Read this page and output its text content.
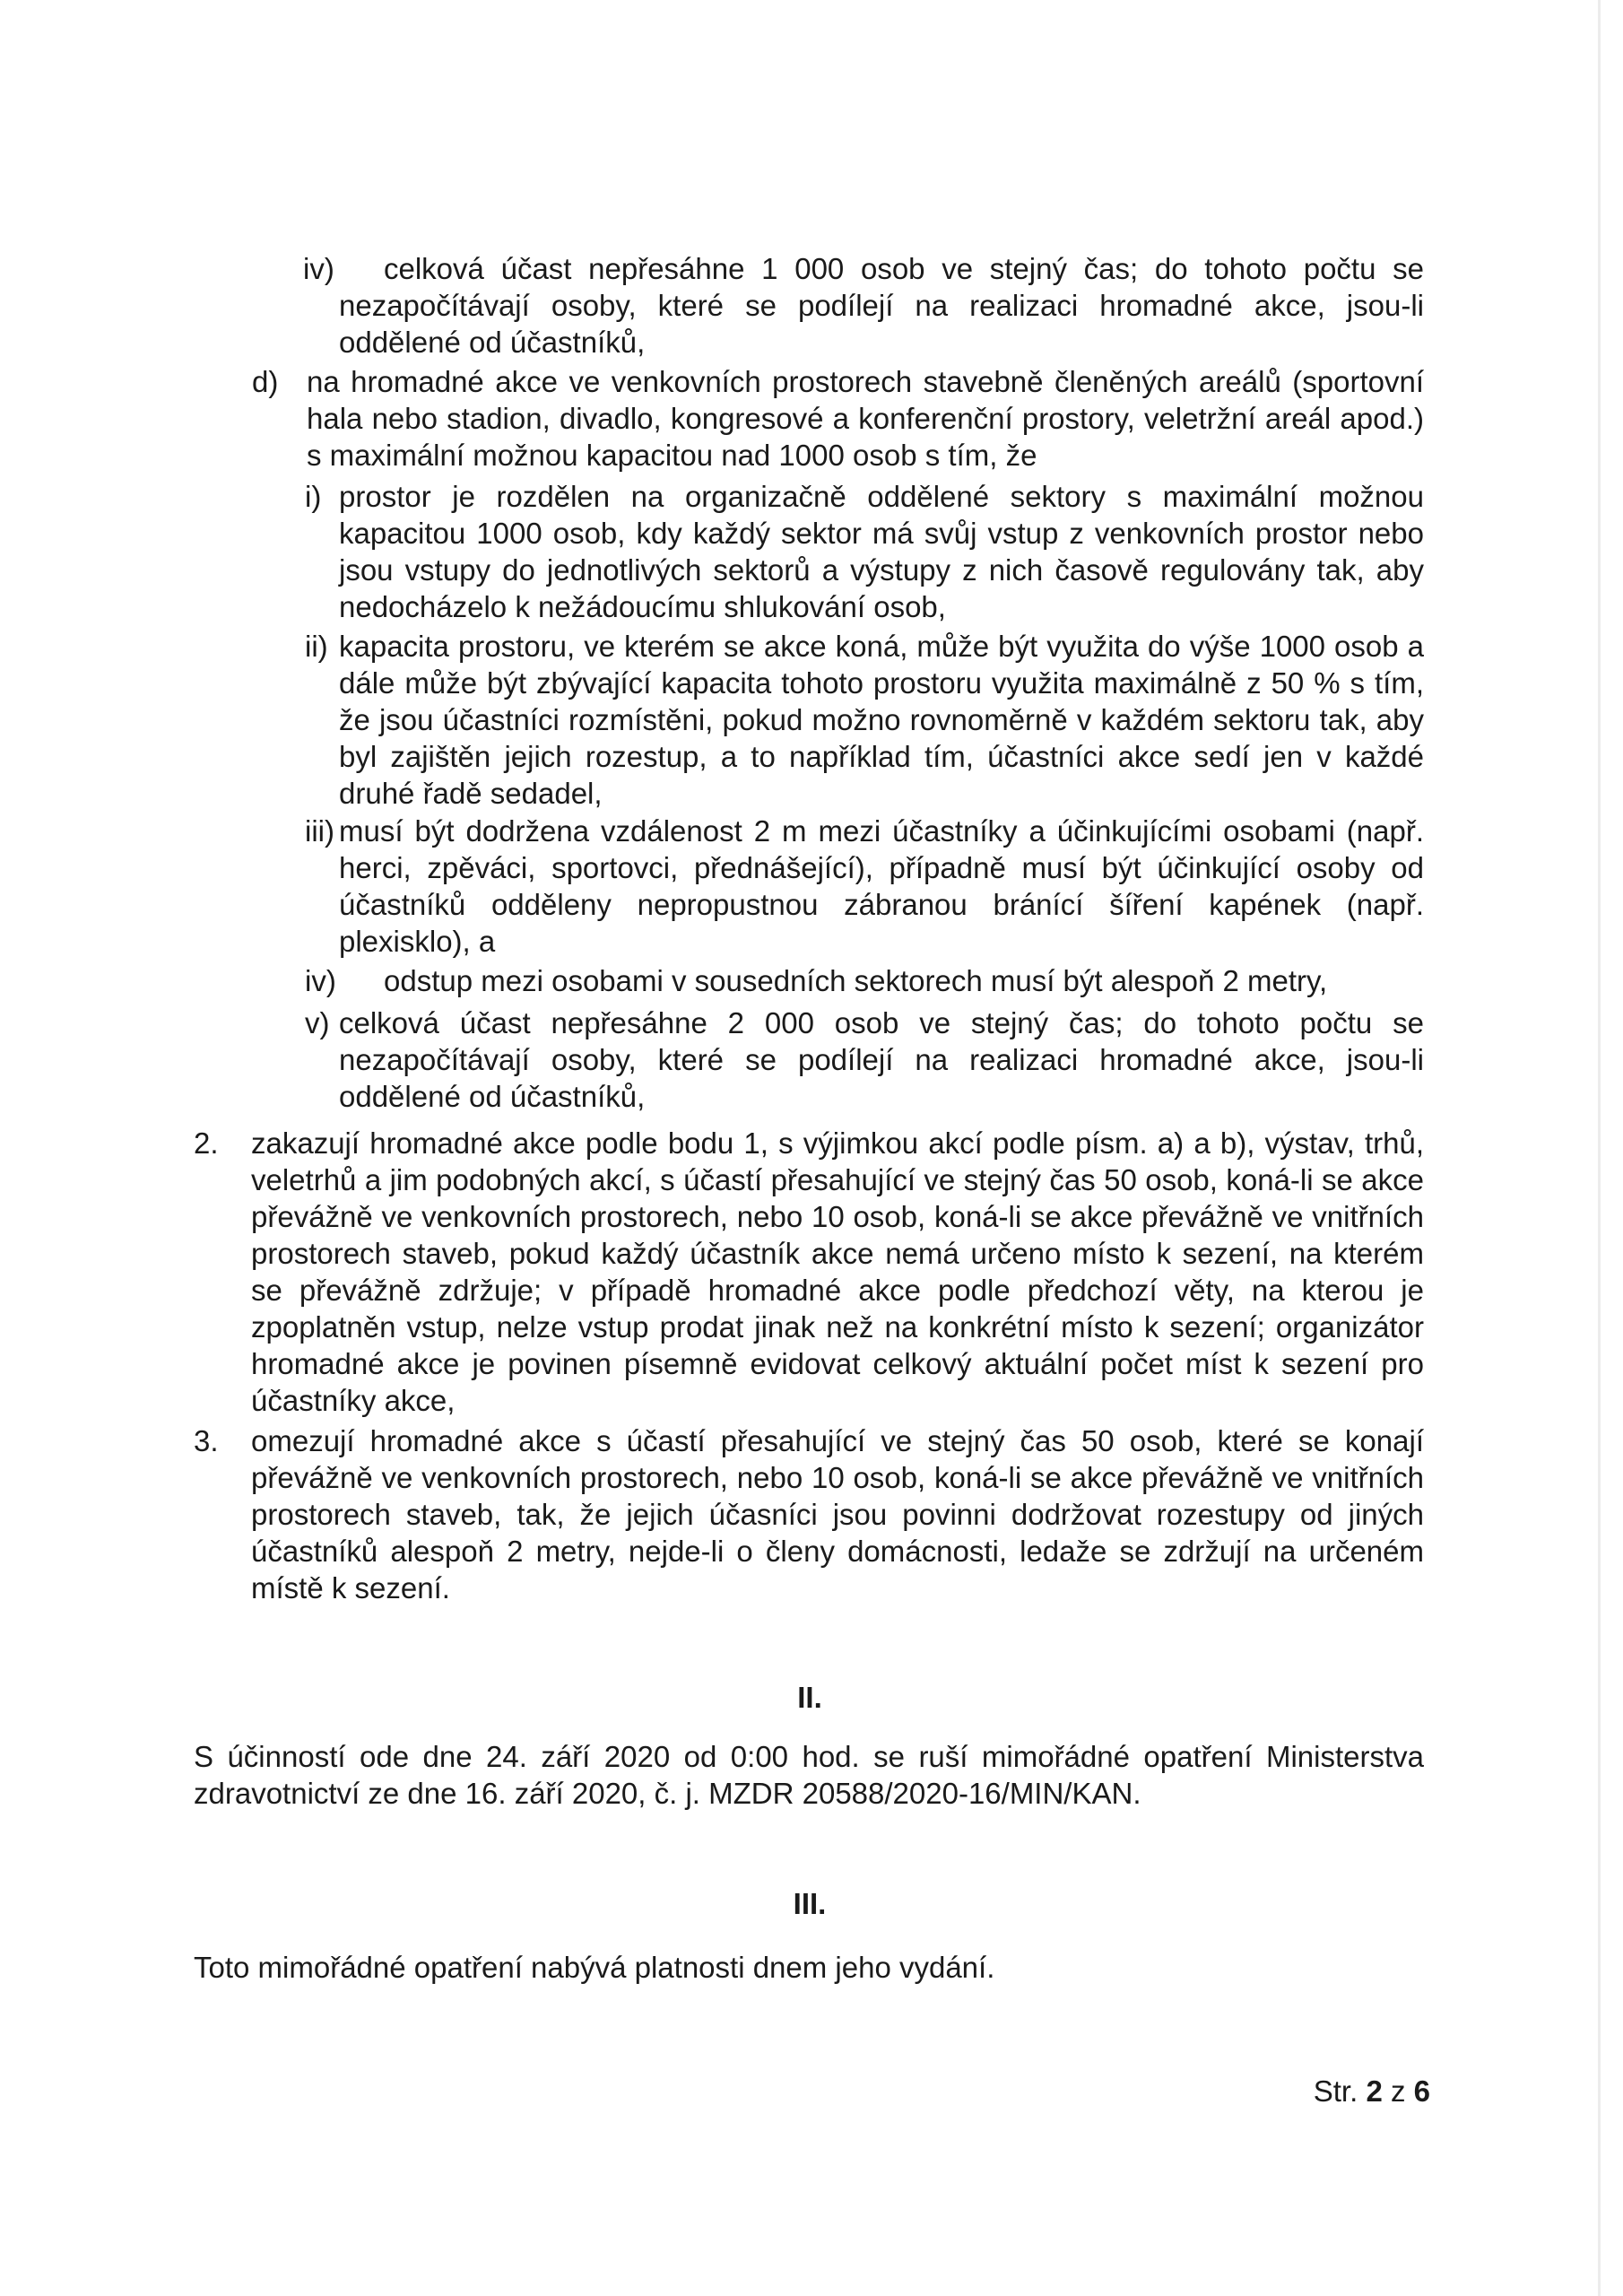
iv)	celková účast nepřesáhne 1 000 osob ve stejný čas; do tohoto počtu se nezapočítávají osoby, které se podílejí na realizaci hromadné akce, jsou-li oddělené od účastníků,
d) na hromadné akce ve venkovních prostorech stavebně členěných areálů (sportovní hala nebo stadion, divadlo, kongresové a konferenční prostory, veletržní areál apod.) s maximální možnou kapacitou nad 1000 osob s tím, že
i) prostor je rozdělen na organizačně oddělené sektory s maximální možnou kapacitou 1000 osob, kdy každý sektor má svůj vstup z venkovních prostor nebo jsou vstupy do jednotlivých sektorů a výstupy z nich časově regulovány tak, aby nedocházelo k nežádoucímu shlukování osob,
ii) kapacita prostoru, ve kterém se akce koná, může být využita do výše 1000 osob a dále může být zbývající kapacita tohoto prostoru využita maximálně z 50 % s tím, že jsou účastníci rozmístěni, pokud možno rovnoměrně v každém sektoru tak, aby byl zajištěn jejich rozestup, a to například tím, účastníci akce sedí jen v každé druhé řadě sedadel,
iii) musí být dodržena vzdálenost 2 m mezi účastníky a účinkujícími osobami (např. herci, zpěváci, sportovci, přednášející), případně musí být účinkující osoby od účastníků odděleny nepropustnou zábranou bránící šíření kapének (např. plexisklo), a
iv) odstup mezi osobami v sousedních sektorech musí být alespoň 2 metry,
v) celková účast nepřesáhne 2 000 osob ve stejný čas; do tohoto počtu se nezapočítávají osoby, které se podílejí na realizaci hromadné akce, jsou-li oddělené od účastníků,
2. zakazují hromadné akce podle bodu 1, s výjimkou akcí podle písm. a) a b), výstav, trhů, veletrhů a jim podobných akcí, s účastí přesahující ve stejný čas 50 osob, koná-li se akce převážně ve venkovních prostorech, nebo 10 osob, koná-li se akce převážně ve vnitřních prostorech staveb, pokud každý účastník akce nemá určeno místo k sezení, na kterém se převážně zdržuje; v případě hromadné akce podle předchozí věty, na kterou je zpoplatněn vstup, nelze vstup prodat jinak než na konkrétní místo k sezení; organizátor hromadné akce je povinen písemně evidovat celkový aktuální počet míst k sezení pro účastníky akce,
3. omezují hromadné akce s účastí přesahující ve stejný čas 50 osob, které se konají převážně ve venkovních prostorech, nebo 10 osob, koná-li se akce převážně ve vnitřních prostorech staveb, tak, že jejich účasníci jsou povinni dodržovat rozestupy od jiných účastníků alespoň 2 metry, nejde-li o členy domácnosti, ledaže se zdržují na určeném místě k sezení.
II.
S účinností ode dne 24. září 2020 od 0:00 hod. se ruší mimořádné opatření Ministerstva zdravotnictví ze dne 16. září 2020, č. j. MZDR 20588/2020-16/MIN/KAN.
III.
Toto mimořádné opatření nabývá platnosti dnem jeho vydání.
Str. 2 z 6
